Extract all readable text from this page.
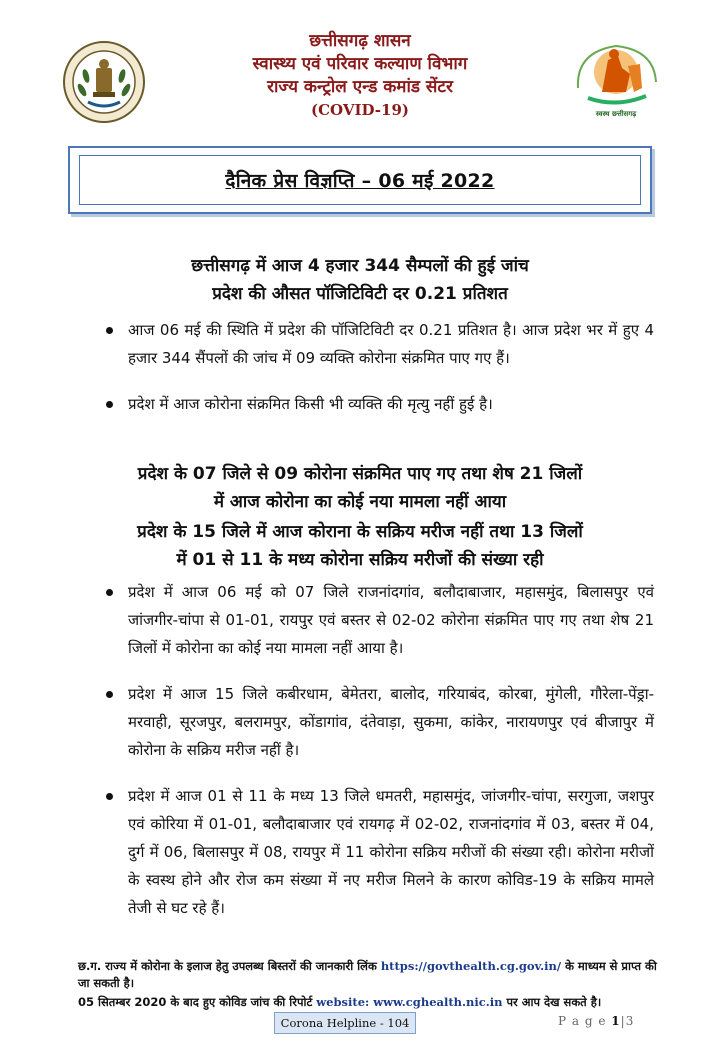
स्वस्थ छत्तीसगढ़
छत्तीसगढ़ शासन
स्वास्थ्य एवं परिवार कल्याण विभाग
राज्य कन्ट्रोल एन्ड कमांड सेंटर
(COVID-19)
दैनिक प्रेस विज्ञप्ति – 06 मई 2022
छत्तीसगढ़ में आज 4 हजार 344 सैम्पलों की हुई जांच
प्रदेश की औसत पॉजिटिविटी दर 0.21 प्रतिशत
आज 06 मई की स्थिति में प्रदेश की पॉजिटिविटी दर 0.21 प्रतिशत है। आज प्रदेश भर में हुए 4 हजार 344 सैंपलों की जांच में 09 व्यक्ति कोरोना संक्रमित पाए गए हैं।
प्रदेश में आज कोरोना संक्रमित किसी भी व्यक्ति की मृत्यु नहीं हुई है।
प्रदेश के 07 जिले से 09 कोरोना संक्रमित पाए गए तथा शेष 21 जिलों
में आज कोरोना का कोई नया मामला नहीं आया
प्रदेश के 15 जिले में आज कोराना के सक्रिय मरीज नहीं तथा 13 जिलों
में 01 से 11 के मध्य कोरोना सक्रिय मरीजों की संख्या रही
प्रदेश में आज 06 मई को 07 जिले राजनांदगांव, बलौदाबाजार, महासमुंद, बिलासपुर एवं जांजगीर-चांपा से 01-01, रायपुर एवं बस्तर से 02-02 कोरोना संक्रमित पाए गए तथा शेष 21 जिलों में कोरोना का कोई नया मामला नहीं आया है।
प्रदेश में आज 15 जिले कबीरधाम, बेमेतरा, बालोद, गरियाबंद, कोरबा, मुंगेली, गौरेला-पेंड्रा-मरवाही, सूरजपुर, बलरामपुर, कोंडागांव, दंतेवाड़ा, सुकमा, कांकेर, नारायणपुर एवं बीजापुर में कोरोना के सक्रिय मरीज नहीं है।
प्रदेश में आज 01 से 11 के मध्य 13 जिले धमतरी, महासमुंद, जांजगीर-चांपा, सरगुजा, जशपुर एवं कोरिया में 01-01, बलौदाबाजार एवं रायगढ़ में 02-02, राजनांदगांव में 03, बस्तर में 04, दुर्ग में 06, बिलासपुर में 08, रायपुर में 11 कोरोना सक्रिय मरीजों की संख्या रही। कोरोना मरीजों के स्वस्थ होने और रोज कम संख्या में नए मरीज मिलने के कारण कोविड-19 के सक्रिय मामले तेजी से घट रहे हैं।
छ.ग. राज्य में कोरोना के इलाज हेतु उपलब्ध बिस्तरों की जानकारी लिंक https://govthealth.cg.gov.in/ के माध्यम से प्राप्त की जा सकती है।
05 सितम्बर 2020 के बाद हुए कोविड जांच की रिपोर्ट website: www.cghealth.nic.in पर आप देख सकते है।
Corona Helpline - 104	P a g e 1|3
